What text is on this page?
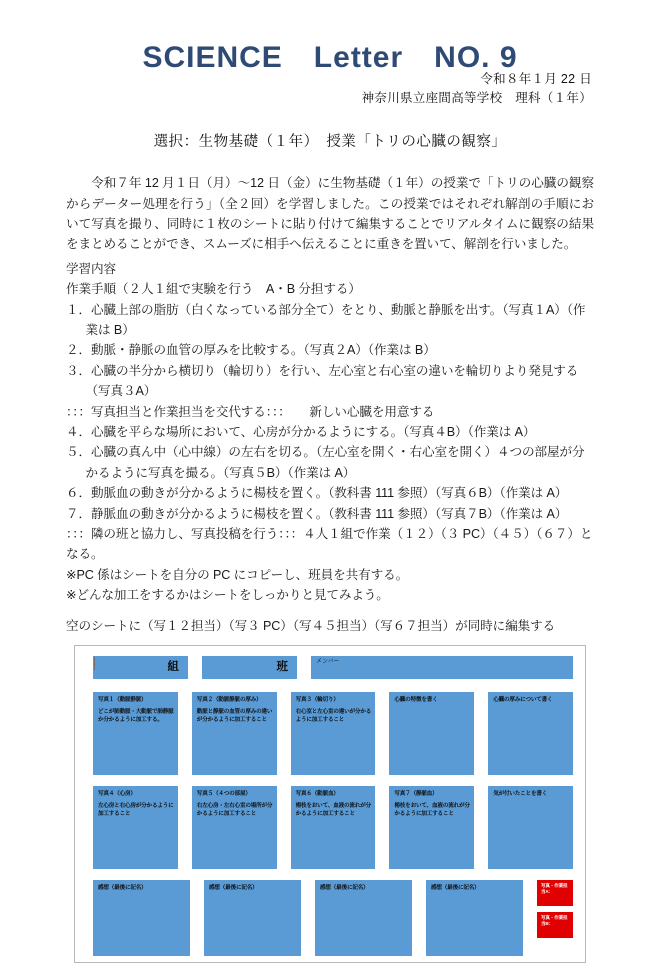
SCIENCE　Letter　NO. 9
令和８年１月 22 日
神奈川県立座間高等学校　理科（１年）
選択：生物基礎（１年）　授業「トリの心臓の観察」

令和７年 12 月１日（月）～12 日（金）に生物基礎（１年）の授業で「トリの心臓の観察からデーター処理を行う」（全２回）を学習しました。この授業ではそれぞれ解剖の手順において写真を撮り、同時に１枚のシートに貼り付けて編集することでリアルタイムに観察の結果をまとめることができ、スムーズに相手へ伝えることに重きを置いて、解剖を行いました。

学習内容

作業手順（２人１組で実験を行う　A・B 分担する）

１．心臓上部の脂肪（白くなっている部分全て）をとり、動脈と静脈を出す。（写真１A）（作業は B）

２．動脈・静脈の血管の厚みを比較する。（写真２A）（作業は B）

３．心臓の半分から横切り（輪切り）を行い、左心室と右心室の違いを輪切りより発見する（写真３A）

：：：写真担当と作業担当を交代する：：：　　新しい心臓を用意する

４．心臓を平らな場所において、心房が分かるようにする。（写真４B）（作業は A）

５．心臓の真ん中（心中線）の左右を切る。（左心室を開く・右心室を開く）４つの部屋が分かるように写真を撮る。（写真５B）（作業は A）

６．動脈血の動きが分かるように楊枝を置く。（教科書 111 参照）（写真６B）（作業は A）

７．静脈血の動きが分かるように楊枝を置く。（教科書 111 参照）（写真７B）（作業は A）

：：：隣の班と協力し、写真投稿を行う：：：４人１組で作業（１２）（３ PC）（４５）（６７）となる。

※PC 係はシートを自分の PC にコピーし、班員を共有する。

※どんな加工をするかはシートをしっかりと見てみよう。

空のシートに（写１２担当）（写３ PC）（写４５担当）（写６７担当）が同時に編集する

組	班	メンバー
写真１（動脈静脈）
どこが肺動脈・大動脈で肺静脈か分かるように加工する。
写真２（動脈静脈の厚み）
動脈と静脈の血管の厚みの違いが分かるように加工すること
写真３（輪切り）
右心室と左心室の違いが分かるように加工すること
心臓の特徴を書く	心臓の厚みについて書く
写真４（心房）
左心房と右心房が分かるように加工すること
写真５（４つの部屋）
右左心房・左右心室の場所が分かるように加工すること
写真６（動脈血）
楊枝をおいて、血液の流れが分かるように加工すること
写真７（静脈血）
楊枝をおいて、血液の流れが分かるように加工すること
気が付いたことを書く
感想（最後に記名）	感想（最後に記名）	感想（最後に記名）	感想（最後に記名）	写真・作業担当A：
写真・作業担当B：
